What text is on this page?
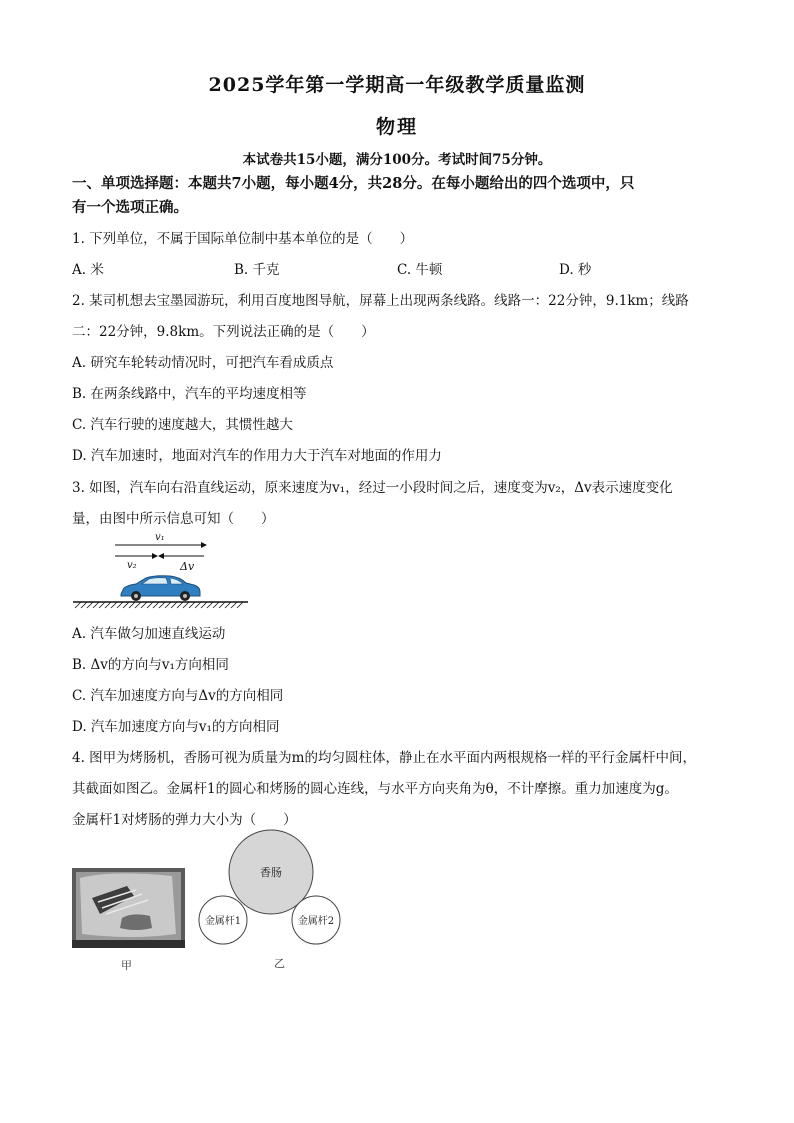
2025学年第一学期高一年级教学质量监测
物理
本试卷共15小题，满分100分。考试时间75分钟。
一、单项选择题：本题共7小题，每小题4分，共28分。在每小题给出的四个选项中，只
有一个选项正确。
1. 下列单位，不属于国际单位制中基本单位的是（　　）
A. 米	B. 千克	C. 牛顿	D. 秒
2. 某司机想去宝墨园游玩，利用百度地图导航，屏幕上出现两条线路。线路一：22分钟，9.1km；线路
二：22分钟，9.8km。下列说法正确的是（　　）
A. 研究车轮转动情况时，可把汽车看成质点
B. 在两条线路中，汽车的平均速度相等
C. 汽车行驶的速度越大，其惯性越大
D. 汽车加速时，地面对汽车的作用力大于汽车对地面的作用力
3. 如图，汽车向右沿直线运动，原来速度为v₁，经过一小段时间之后，速度变为v₂，Δv表示速度变化
量，由图中所示信息可知（　　）
v₁
v₂	Δv
A. 汽车做匀加速直线运动
B. Δv的方向与v₁方向相同
C. 汽车加速度方向与Δv的方向相同
D. 汽车加速度方向与v₁的方向相同
4. 图甲为烤肠机，香肠可视为质量为m的均匀圆柱体，静止在水平面内两根规格一样的平行金属杆中间，
其截面如图乙。金属杆1的圆心和烤肠的圆心连线，与水平方向夹角为θ，不计摩擦。重力加速度为g。
金属杆1对烤肠的弹力大小为（　　）
甲
香肠
金属杆1	金属杆2
乙
